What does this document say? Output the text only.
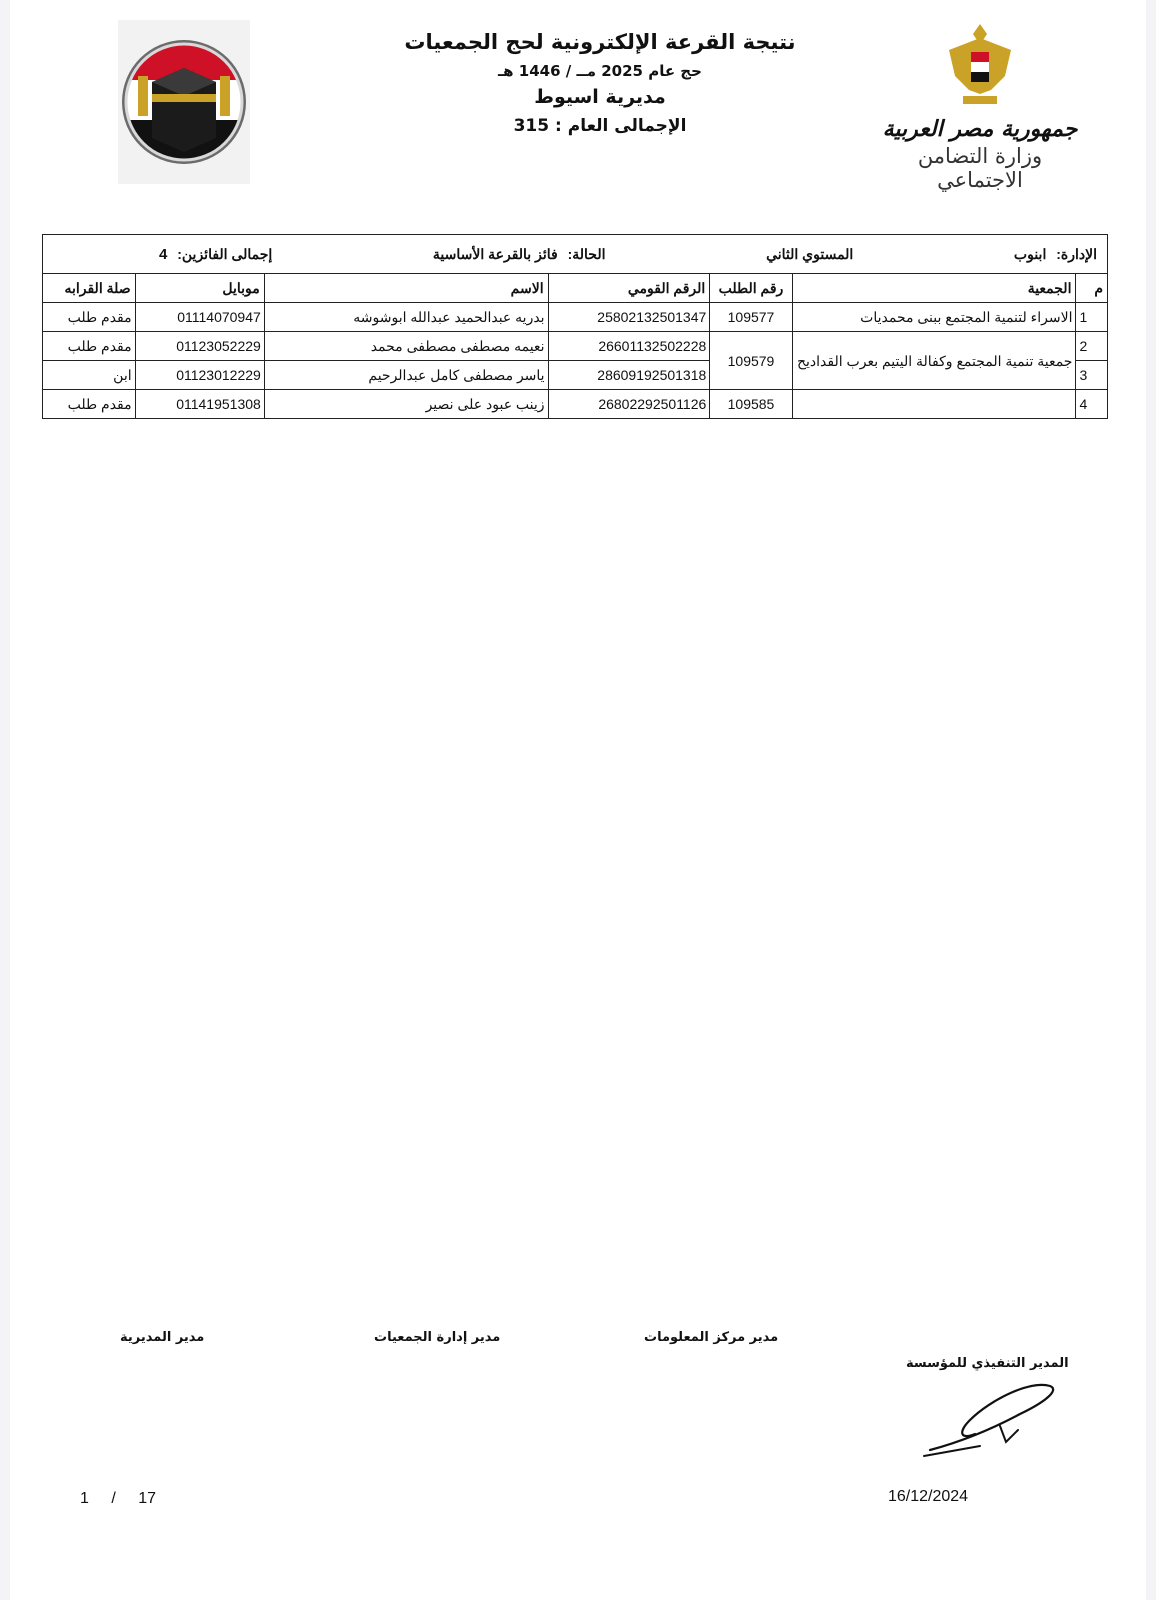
نتيجة القرعة الإلكترونية لحج الجمعيات
حج عام 2025 مــ / 1446 هـ
مديرية اسيوط
الإجمالى العام : 315	جمهورية مصر العربية
وزارة التضامن الاجتماعي
الإدارة: ابنوب
المستوي الثاني
الحالة: فائز بالقرعة الأساسية
إجمالى الفائزين: 4						

م	الجمعية	رقم الطلب	الرقم القومي	الاسم	موبايل	صلة القرابه
1	الاسراء لتنمية المجتمع ببنى محمديات	109577	25802132501347	بدريه عبدالحميد عبدالله ابوشوشه	01114070947	مقدم طلب
2	جمعية تنمية المجتمع وكفالة اليتيم بعرب القداديح	109579	26601132502228	نعيمه مصطفى مصطفى محمد	01123052229	مقدم طلب
3			28609192501318	ياسر مصطفى كامل عبدالرحيم	01123012229	ابن
4		109585	26802292501126	زينب عبود على نصير	01141951308	مقدم طلب
مدير مركز المعلومات
مدير إدارة الجمعيات
مدير المديرية
المدير التنفيذي للمؤسسة
16/12/2024
1 / 17
